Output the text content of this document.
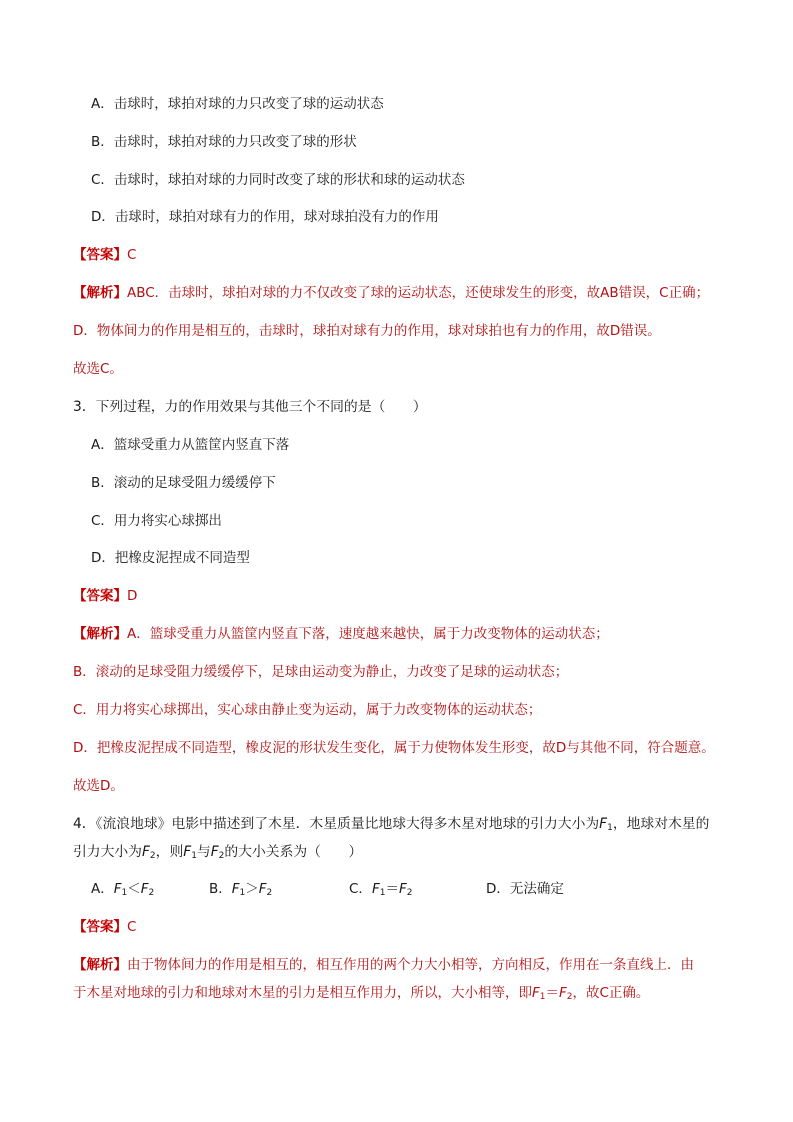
A．击球时，球拍对球的力只改变了球的运动状态
B．击球时，球拍对球的力只改变了球的形状
C．击球时，球拍对球的力同时改变了球的形状和球的运动状态
D．击球时，球拍对球有力的作用，球对球拍没有力的作用
【答案】C
【解析】ABC．击球时，球拍对球的力不仅改变了球的运动状态，还使球发生的形变，故AB错误，C正确；
D．物体间力的作用是相互的，击球时，球拍对球有力的作用，球对球拍也有力的作用，故D错误。
故选C。
3．下列过程，力的作用效果与其他三个不同的是（　　）
A．篮球受重力从篮筐内竖直下落
B．滚动的足球受阻力缓缓停下
C．用力将实心球掷出
D．把橡皮泥捏成不同造型
【答案】D
【解析】A．篮球受重力从篮筐内竖直下落，速度越来越快，属于力改变物体的运动状态；
B．滚动的足球受阻力缓缓停下，足球由运动变为静止，力改变了足球的运动状态；
C．用力将实心球掷出，实心球由静止变为运动，属于力改变物体的运动状态；
D．把橡皮泥捏成不同造型，橡皮泥的形状发生变化，属于力使物体发生形变，故D与其他不同，符合题意。
故选D。
4．《流浪地球》电影中描述到了木星．木星质量比地球大得多木星对地球的引力大小为$F_1$，地球对木星的
引力大小为$F_2$，则$F_1$与$F_2$的大小关系为（　　）
A．$F_1<F_2$	B．$F_1>F_2$	C．$F_1=F_2$	D．无法确定
【答案】C
【解析】由于物体间力的作用是相互的，相互作用的两个力大小相等，方向相反，作用在一条直线上．由
于木星对地球的引力和地球对木星的引力是相互作用力，所以，大小相等，即$F_1=F_2$，故C正确。
